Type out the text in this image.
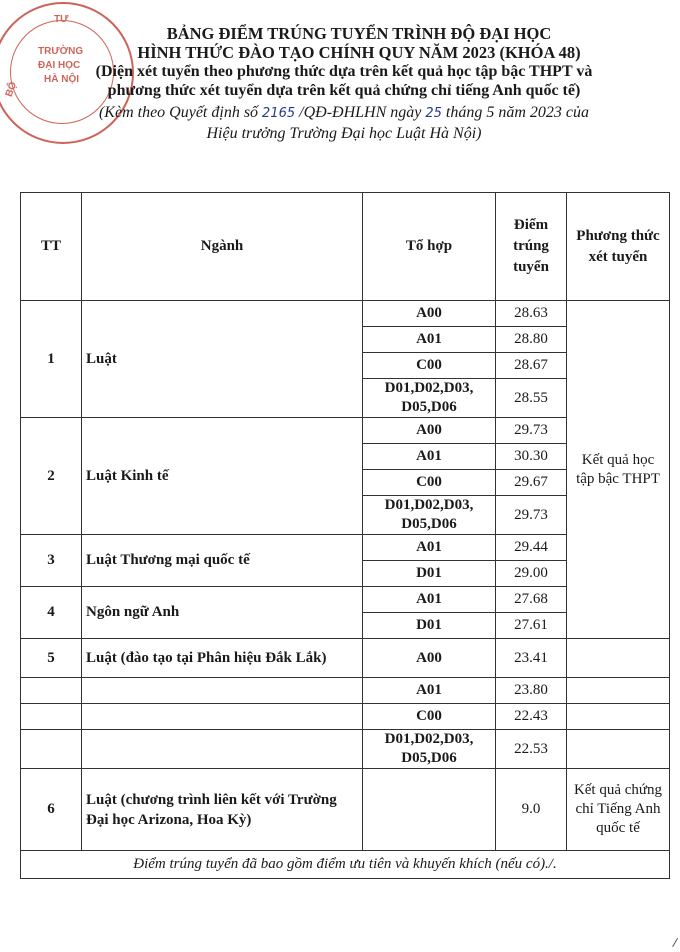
TƯ
TRƯỜNG
ĐẠI HỌC
HÀ NỘI
BỘ
BẢNG ĐIỂM TRÚNG TUYỂN TRÌNH ĐỘ ĐẠI HỌC
HÌNH THỨC ĐÀO TẠO CHÍNH QUY NĂM 2023 (KHÓA 48)
(Diện xét tuyển theo phương thức dựa trên kết quả học tập bậc THPT và
phương thức xét tuyển dựa trên kết quả chứng chỉ tiếng Anh quốc tế)
(Kèm theo Quyết định số 2165 /QĐ-ĐHLHN ngày 25 tháng 5 năm 2023 của
Hiệu trưởng Trường Đại học Luật Hà Nội)
TT	Ngành	Tổ hợp	Điểm trúng tuyển	Phương thức xét tuyển
1	Luật	A00	28.63	Kết quả học tập bậc THPT
		A01	28.80	
		C00	28.67	
		D01,D02,D03,
D05,D06	28.55	
2	Luật Kinh tế	A00	29.73	
		A01	30.30	
		C00	29.67	
		D01,D02,D03,
D05,D06	29.73	
3	Luật Thương mại quốc tế	A01	29.44	
		D01	29.00	
4	Ngôn ngữ Anh	A01	27.68	
		D01	27.61	
5	Luật (đào tạo tại Phân hiệu Đắk Lắk)	A00	23.41	
		A01	23.80	
		C00	22.43	
		D01,D02,D03,
D05,D06	22.53	
6	Luật (chương trình liên kết với Trường Đại học Arizona, Hoa Kỳ)		9.0	Kết quả chứng chỉ Tiếng Anh quốc tế
Điểm trúng tuyển đã bao gồm điểm ưu tiên và khuyến khích (nếu có)./.				
